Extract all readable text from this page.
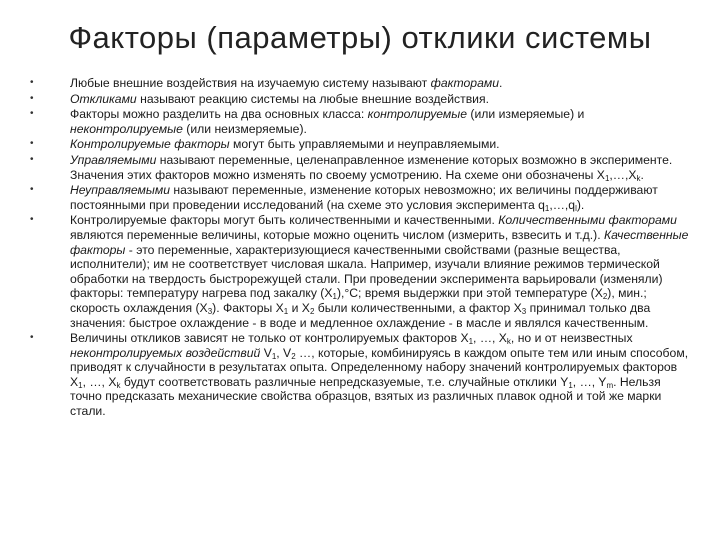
Факторы (параметры) отклики системы
•	Любые внешние воздействия на изучаемую систему называют факторами.
•	Откликами называют реакцию системы на любые внешние воздействия.
•	Факторы можно разделить на два основных класса: контролируемые (или измеряемые) и неконтролируемые (или неизмеряемые).
•	Контролируемые факторы могут быть управляемыми и неуправляемыми.
•	Управляемыми называют переменные, целенаправленное изменение которых возможно в эксперименте. Значения этих факторов можно изменять по своему усмотрению. На схеме они обозначены $X_1,\dots,X_k$.
•	Неуправляемыми называют переменные, изменение которых невозможно; их величины поддерживают постоянными при проведении исследований (на схеме это условия эксперимента $q_1,\dots,q_l$).
•	Контролируемые факторы могут быть количественными и качественными. Количественными факторами являются переменные величины, которые можно оценить числом (измерить, взвесить и т.д.). Качественные факторы - это переменные, характеризующиеся качественными свойствами (разные вещества, исполнители); им не соответствует числовая шкала. Например, изучали влияние режимов термической обработки на твердость быстрорежущей стали. При проведении эксперимента варьировали (изменяли) факторы: температуру нагрева под закалку $(X_1),^\circ С$; время выдержки при этой температуре $(X_2)$, мин.; скорость охлаждения $(X_3)$. Факторы $X_1$ и $X_2$ были количественными, а фактор $X_3$ принимал только два значения: быстрое охлаждение - в воде и медленное охлаждение - в масле и являлся качественным.
•	Величины откликов зависят не только от контролируемых факторов $X_1$, …, $X_k$, но и от неизвестных неконтролируемых воздействий $V_1$, $V_2$ …, которые, комбинируясь в каждом опыте тем или иным способом, приводят к случайности в результатах опыта. Определенному набору значений контролируемых факторов $X_1$, …, $X_k$ будут соответствовать различные непредсказуемые, т.е. случайные отклики $Y_1$, …, $Y_m$. Нельзя точно предсказать механические свойства образцов, взятых из различных плавок одной и той же марки стали.
